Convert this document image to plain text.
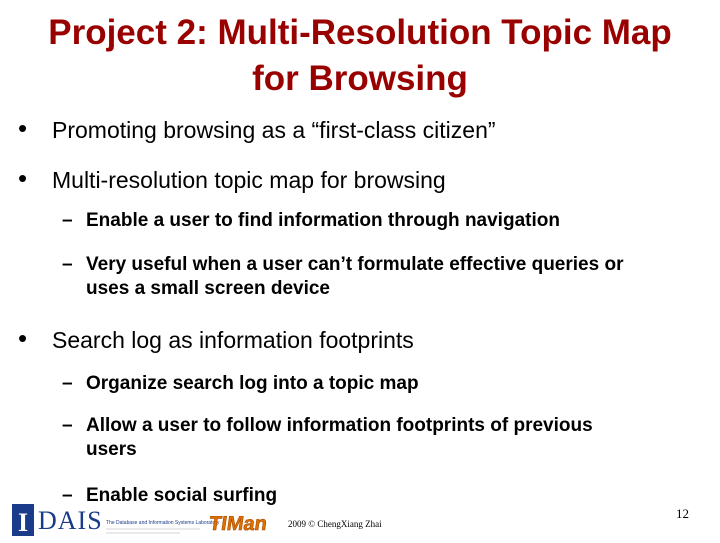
Project 2: Multi-Resolution Topic Map
for Browsing
• Promoting browsing as a “first-class citizen”
• Multi-resolution topic map for browsing
– Enable a user to find information through navigation
– Very useful when a user can’t formulate effective queries or uses a small screen device
• Search log as information footprints
– Organize search log into a topic map
– Allow a user to follow information footprints of previous users
– Enable social surfing
I DAIS The Database and Information Systems Laboratory
TIMan 2009 © ChengXiang Zhai
12
